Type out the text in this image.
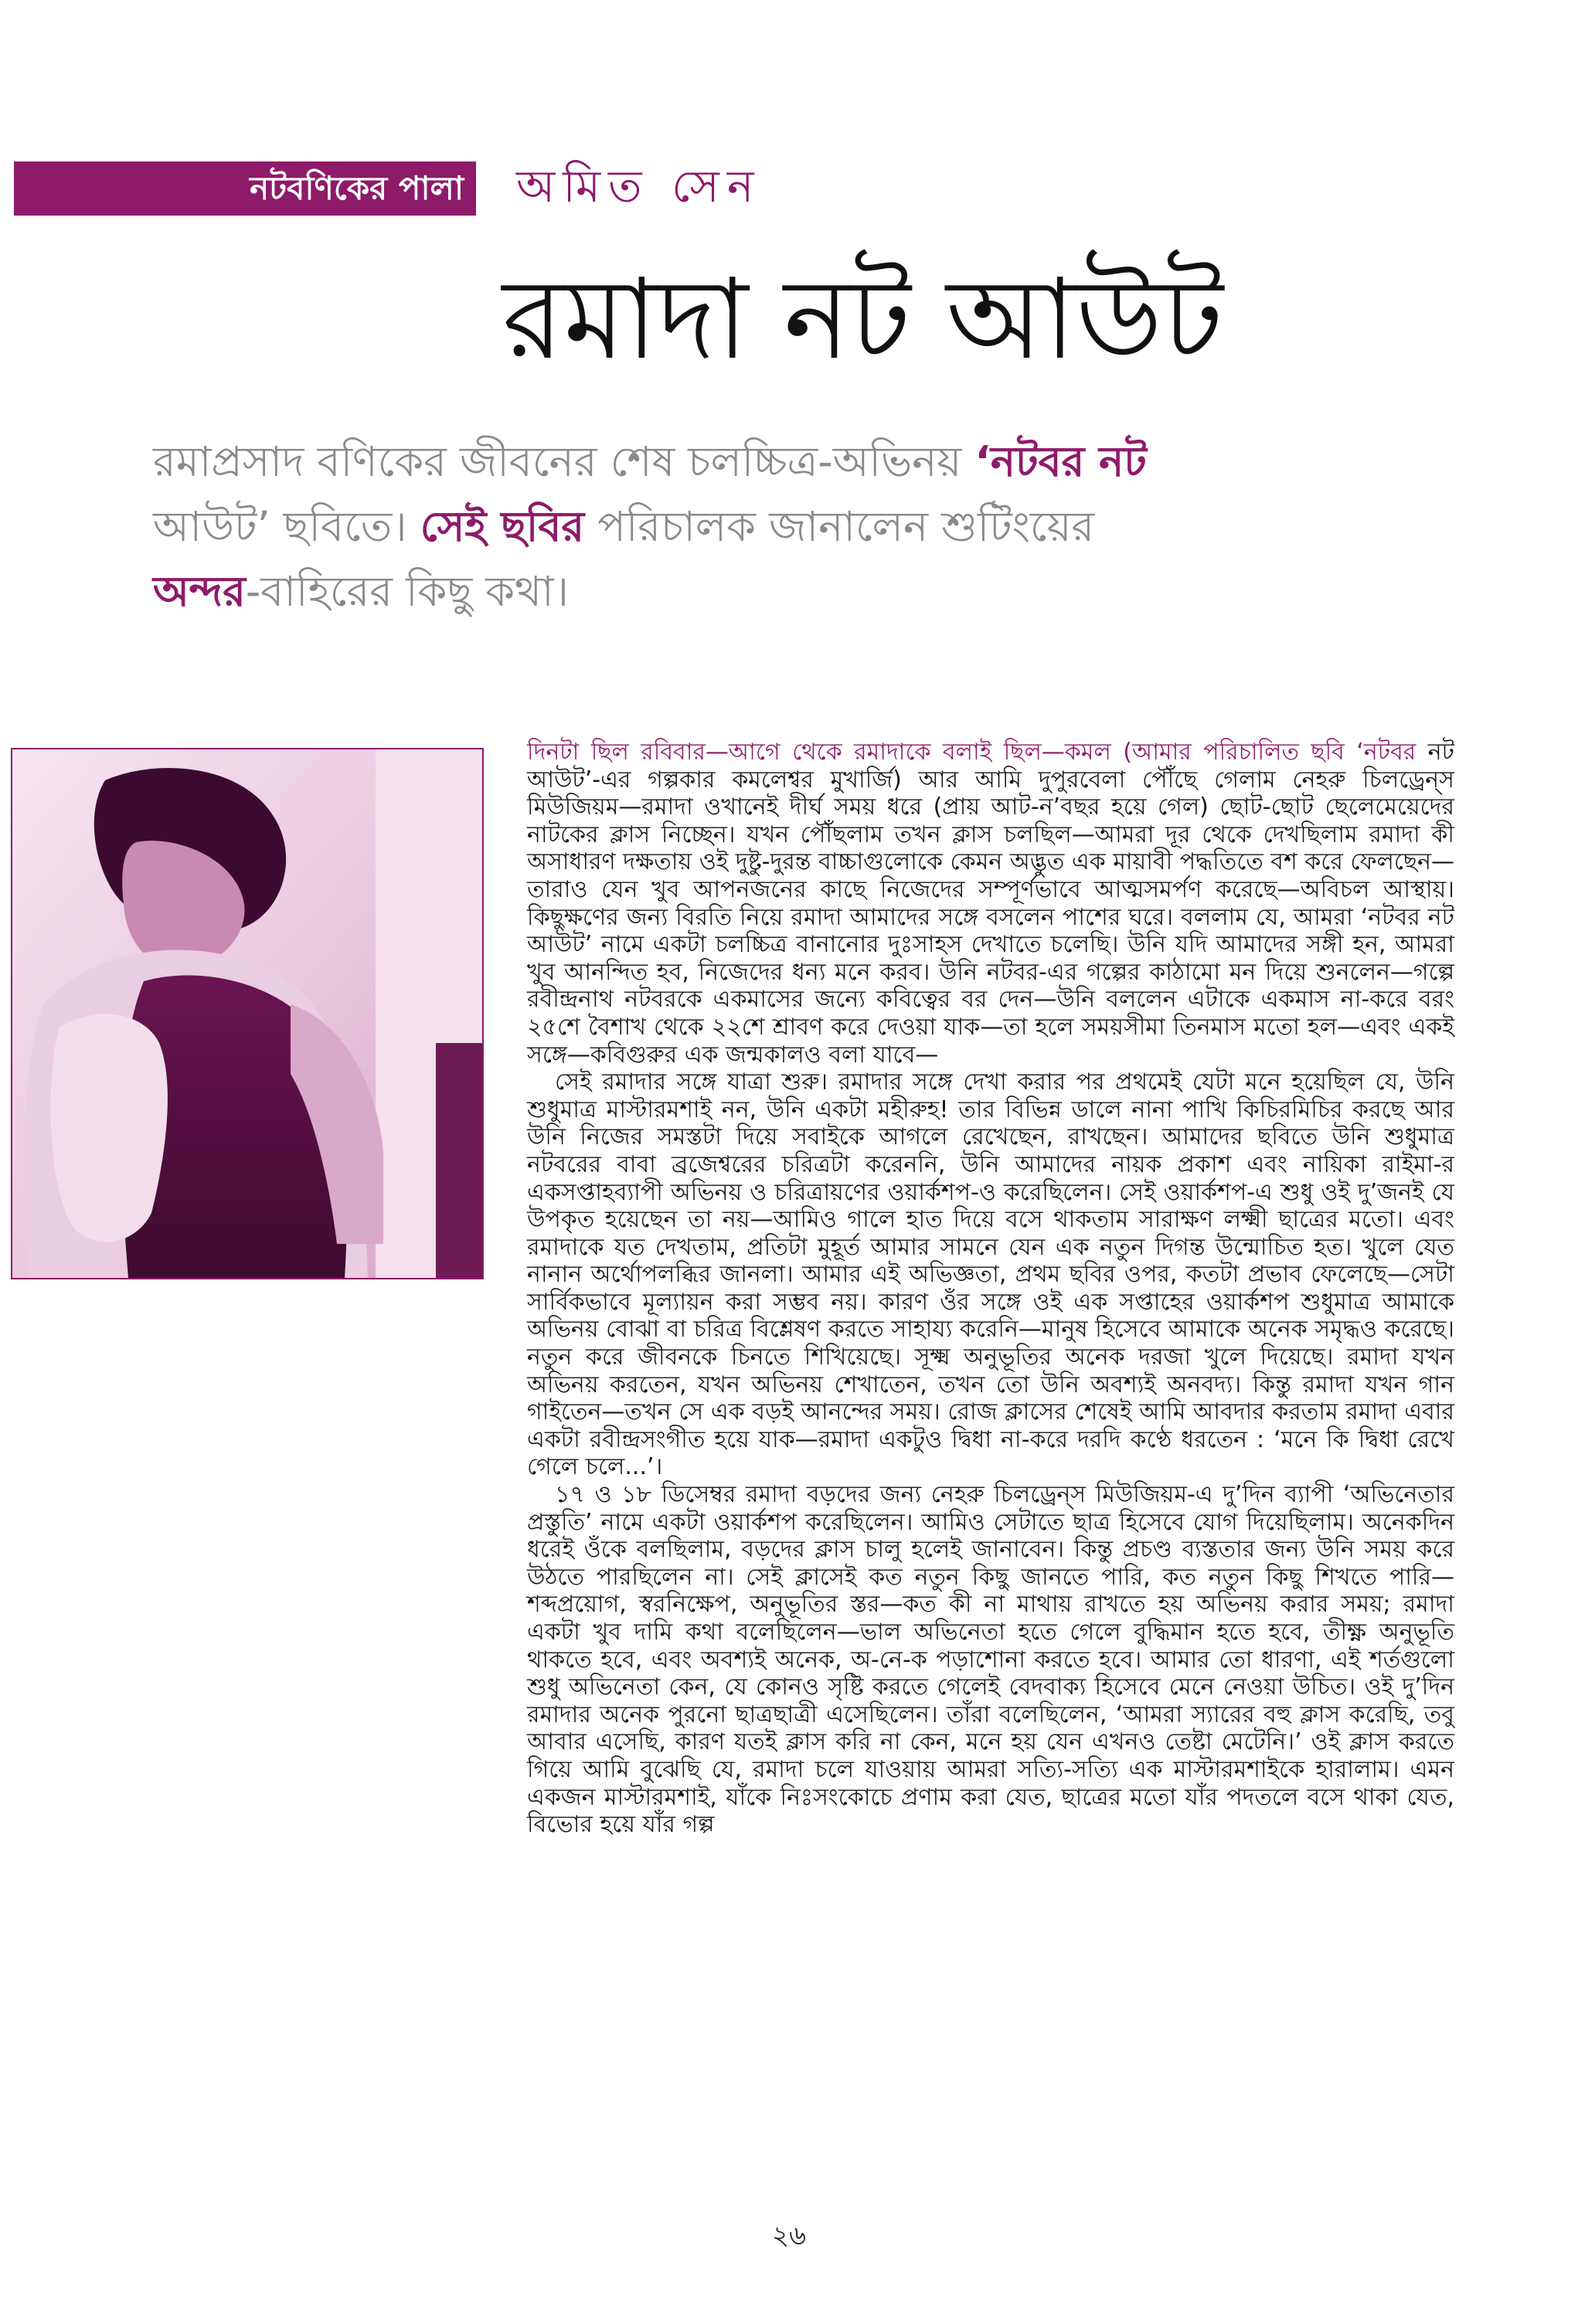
নটবণিকের পালা অমিত সেন
রমাদা নট আউট
রমাপ্রসাদ বণিকের জীবনের শেষ চলচ্চিত্র-অভিনয় ‘নটবর নট
আউট’ ছবিতে। সেই ছবির পরিচালক জানালেন শুটিংয়ের
অন্দর-বাহিরের কিছু কথা।

দিনটা ছিল রবিবার—আগে থেকে রমাদাকে বলাই ছিল—কমল (আমার পরিচালিত ছবি ‘নটবর নট আউট’-এর গল্পকার কমলেশ্বর মুখার্জি) আর আমি দুপুরবেলা পৌঁছে গেলাম নেহরু চিলড্রেন্‌স মিউজিয়ম—রমাদা ওখানেই দীর্ঘ সময় ধরে (প্রায় আট-ন’বছর হয়ে গেল) ছোট-ছোট ছেলেমেয়েদের নাটকের ক্লাস নিচ্ছেন। যখন পৌঁছলাম তখন ক্লাস চলছিল—আমরা দূর থেকে দেখছিলাম রমাদা কী অসাধারণ দক্ষতায় ওই দুষ্টু-দুরন্ত বাচ্চাগুলোকে কেমন অদ্ভুত এক মায়াবী পদ্ধতিতে বশ করে ফেলছেন—তারাও যেন খুব আপনজনের কাছে নিজেদের সম্পূর্ণভাবে আত্মসমর্পণ করেছে—অবিচল আস্থায়। কিছুক্ষণের জন্য বিরতি নিয়ে রমাদা আমাদের সঙ্গে বসলেন পাশের ঘরে। বললাম যে, আমরা ‘নটবর নট আউট’ নামে একটা চলচ্চিত্র বানানোর দুঃসাহস দেখাতে চলেছি। উনি যদি আমাদের সঙ্গী হন, আমরা খুব আনন্দিত হব, নিজেদের ধন্য মনে করব। উনি নটবর-এর গল্পের কাঠামো মন দিয়ে শুনলেন—গল্পে রবীন্দ্রনাথ নটবরকে একমাসের জন্যে কবিত্বের বর দেন—উনি বললেন এটাকে একমাস না-করে বরং ২৫শে বৈশাখ থেকে ২২শে শ্রাবণ করে দেওয়া যাক—তা হলে সময়সীমা তিনমাস মতো হল—এবং একই সঙ্গে—কবিগুরুর এক জন্মকালও বলা যাবে—

সেই রমাদার সঙ্গে যাত্রা শুরু। রমাদার সঙ্গে দেখা করার পর প্রথমেই যেটা মনে হয়েছিল যে, উনি শুধুমাত্র মাস্টারমশাই নন, উনি একটা মহীরুহ! তার বিভিন্ন ডালে নানা পাখি কিচিরমিচির করছে আর উনি নিজের সমস্তটা দিয়ে সবাইকে আগলে রেখেছেন, রাখছেন। আমাদের ছবিতে উনি শুধুমাত্র নটবরের বাবা ব্রজেশ্বরের চরিত্রটা করেননি, উনি আমাদের নায়ক প্রকাশ এবং নায়িকা রাইমা-র একসপ্তাহব্যাপী অভিনয় ও চরিত্রায়ণের ওয়ার্কশপ-ও করেছিলেন। সেই ওয়ার্কশপ-এ শুধু ওই দু’জনই যে উপকৃত হয়েছেন তা নয়—আমিও গালে হাত দিয়ে বসে থাকতাম সারাক্ষণ লক্ষ্মী ছাত্রের মতো। এবং রমাদাকে যত দেখতাম, প্রতিটা মুহূর্ত আমার সামনে যেন এক নতুন দিগন্ত উন্মোচিত হত। খুলে যেত নানান অর্থোপলব্ধির জানলা। আমার এই অভিজ্ঞতা, প্রথম ছবির ওপর, কতটা প্রভাব ফেলেছে—সেটা সার্বিকভাবে মূল্যায়ন করা সম্ভব নয়। কারণ ওঁর সঙ্গে ওই এক সপ্তাহের ওয়ার্কশপ শুধুমাত্র আমাকে অভিনয় বোঝা বা চরিত্র বিশ্লেষণ করতে সাহায্য করেনি—মানুষ হিসেবে আমাকে অনেক সমৃদ্ধও করেছে। নতুন করে জীবনকে চিনতে শিখিয়েছে। সূক্ষ্ম অনুভূতির অনেক দরজা খুলে দিয়েছে। রমাদা যখন অভিনয় করতেন, যখন অভিনয় শেখাতেন, তখন তো উনি অবশ্যই অনবদ্য। কিন্তু রমাদা যখন গান গাইতেন—তখন সে এক বড়ই আনন্দের সময়। রোজ ক্লাসের শেষেই আমি আবদার করতাম রমাদা এবার একটা রবীন্দ্রসংগীত হয়ে যাক—রমাদা একটুও দ্বিধা না-করে দরদি কণ্ঠে ধরতেন : ‘মনে কি দ্বিধা রেখে গেলে চলে...’।

১৭ ও ১৮ ডিসেম্বর রমাদা বড়দের জন্য নেহরু চিলড্রেন্‌স মিউজিয়ম-এ দু’দিন ব্যাপী ‘অভিনেতার প্রস্তুতি’ নামে একটা ওয়ার্কশপ করেছিলেন। আমিও সেটাতে ছাত্র হিসেবে যোগ দিয়েছিলাম। অনেকদিন ধরেই ওঁকে বলছিলাম, বড়দের ক্লাস চালু হলেই জানাবেন। কিন্তু প্রচণ্ড ব্যস্ততার জন্য উনি সময় করে উঠতে পারছিলেন না। সেই ক্লাসেই কত নতুন কিছু জানতে পারি, কত নতুন কিছু শিখতে পারি—শব্দপ্রয়োগ, স্বরনিক্ষেপ, অনুভূতির স্তর—কত কী না মাথায় রাখতে হয় অভিনয় করার সময়; রমাদা একটা খুব দামি কথা বলেছিলেন—ভাল অভিনেতা হতে গেলে বুদ্ধিমান হতে হবে, তীক্ষ্ণ অনুভূতি থাকতে হবে, এবং অবশ্যই অনেক, অ-নে-ক পড়াশোনা করতে হবে। আমার তো ধারণা, এই শর্তগুলো শুধু অভিনেতা কেন, যে কোনও সৃষ্টি করতে গেলেই বেদবাক্য হিসেবে মেনে নেওয়া উচিত। ওই দু’দিন রমাদার অনেক পুরনো ছাত্রছাত্রী এসেছিলেন। তাঁরা বলেছিলেন, ‘আমরা স্যারের বহু ক্লাস করেছি, তবু আবার এসেছি, কারণ যতই ক্লাস করি না কেন, মনে হয় যেন এখনও তেষ্টা মেটেনি।’ ওই ক্লাস করতে গিয়ে আমি বুঝেছি যে, রমাদা চলে যাওয়ায় আমরা সত্যি-সত্যি এক মাস্টারমশাইকে হারালাম। এমন একজন মাস্টারমশাই, যাঁকে নিঃসংকোচে প্রণাম করা যেত, ছাত্রের মতো যাঁর পদতলে বসে থাকা যেত, বিভোর হয়ে যাঁর গল্প

২৬
